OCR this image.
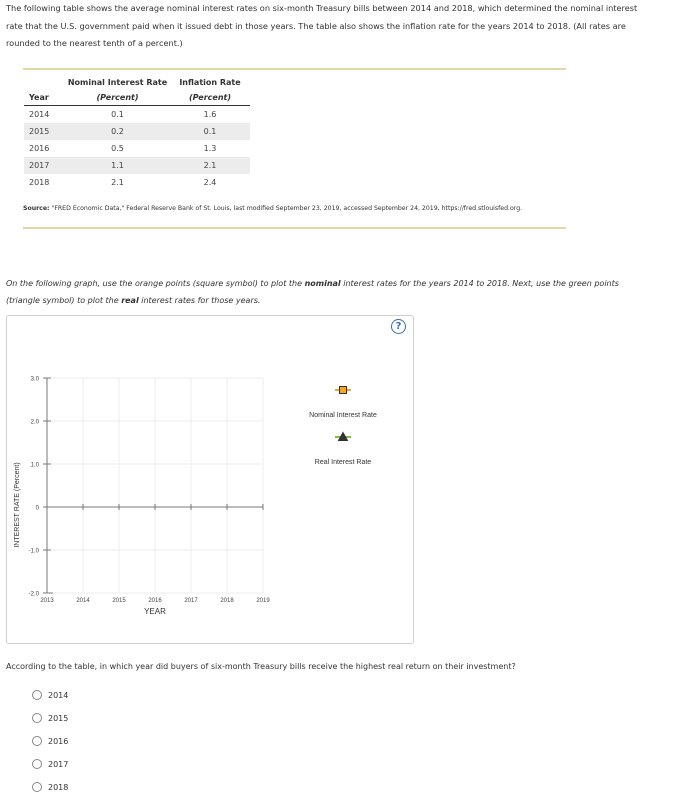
The following table shows the average nominal interest rates on six-month Treasury bills between 2014 and 2018, which determined the nominal interest rate that the U.S. government paid when it issued debt in those years. The table also shows the inflation rate for the years 2014 to 2018. (All rates are rounded to the nearest tenth of a percent.)

	Nominal Interest Rate	Inflation Rate
Year	(Percent)	(Percent)
2014	0.1	1.6
2015	0.2	0.1
2016	0.5	1.3
2017	1.1	2.1
2018	2.1	2.4
Source: "FRED Economic Data," Federal Reserve Bank of St. Louis, last modified September 23, 2019, accessed September 24, 2019, https://fred.stlouisfed.org.

On the following graph, use the orange points (square symbol) to plot the nominal interest rates for the years 2014 to 2018. Next, use the green points (triangle symbol) to plot the real interest rates for those years.

2013	2014	2015	2016	2017	2018	2019
3.0
2.0
1.0
0
-1.0
-2.0
YEAR
INTEREST RATE (Percent)
Nominal Interest Rate
Real Interest Rate
?
According to the table, in which year did buyers of six-month Treasury bills receive the highest real return on their investment?
2014
2015
2016
2017
2018
